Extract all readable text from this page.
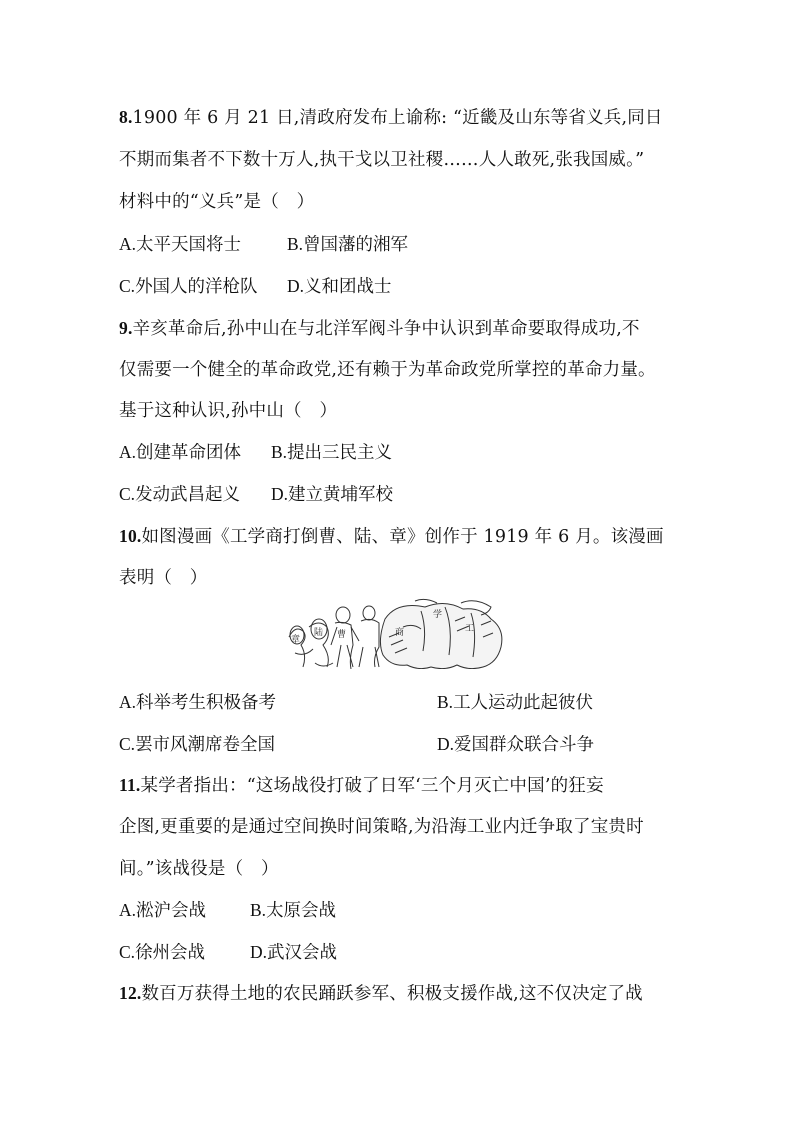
8.1900 年 6 月 21 日,清政府发布上谕称: “近畿及山东等省义兵,同日
不期而集者不下数十万人,执干戈以卫社稷……人人敢死,张我国威。”
材料中的“义兵”是（　）
A.太平天国将士	B.曾国藩的湘军
C.外国人的洋枪队 D.义和团战士
9.辛亥革命后,孙中山在与北洋军阀斗争中认识到革命要取得成功,不
仅需要一个健全的革命政党,还有赖于为革命政党所掌控的革命力量。
基于这种认识,孙中山（　）
A.创建革命团体 B.提出三民主义
C.发动武昌起义 D.建立黄埔军校
10.如图漫画《工学商打倒曹、陆、章》创作于 1919 年 6 月。该漫画
表明（　）
章
陆 曹	商
学
工
A.科举考生积极备考	B.工人运动此起彼伏
C.罢市风潮席卷全国	D.爱国群众联合斗争
11.某学者指出：“这场战役打破了日军‘三个月灭亡中国’的狂妄
企图,更重要的是通过空间换时间策略,为沿海工业内迁争取了宝贵时
间。”该战役是（　）
A.淞沪会战	B.太原会战
C.徐州会战	D.武汉会战
12.数百万获得土地的农民踊跃参军、积极支援作战,这不仅决定了战
